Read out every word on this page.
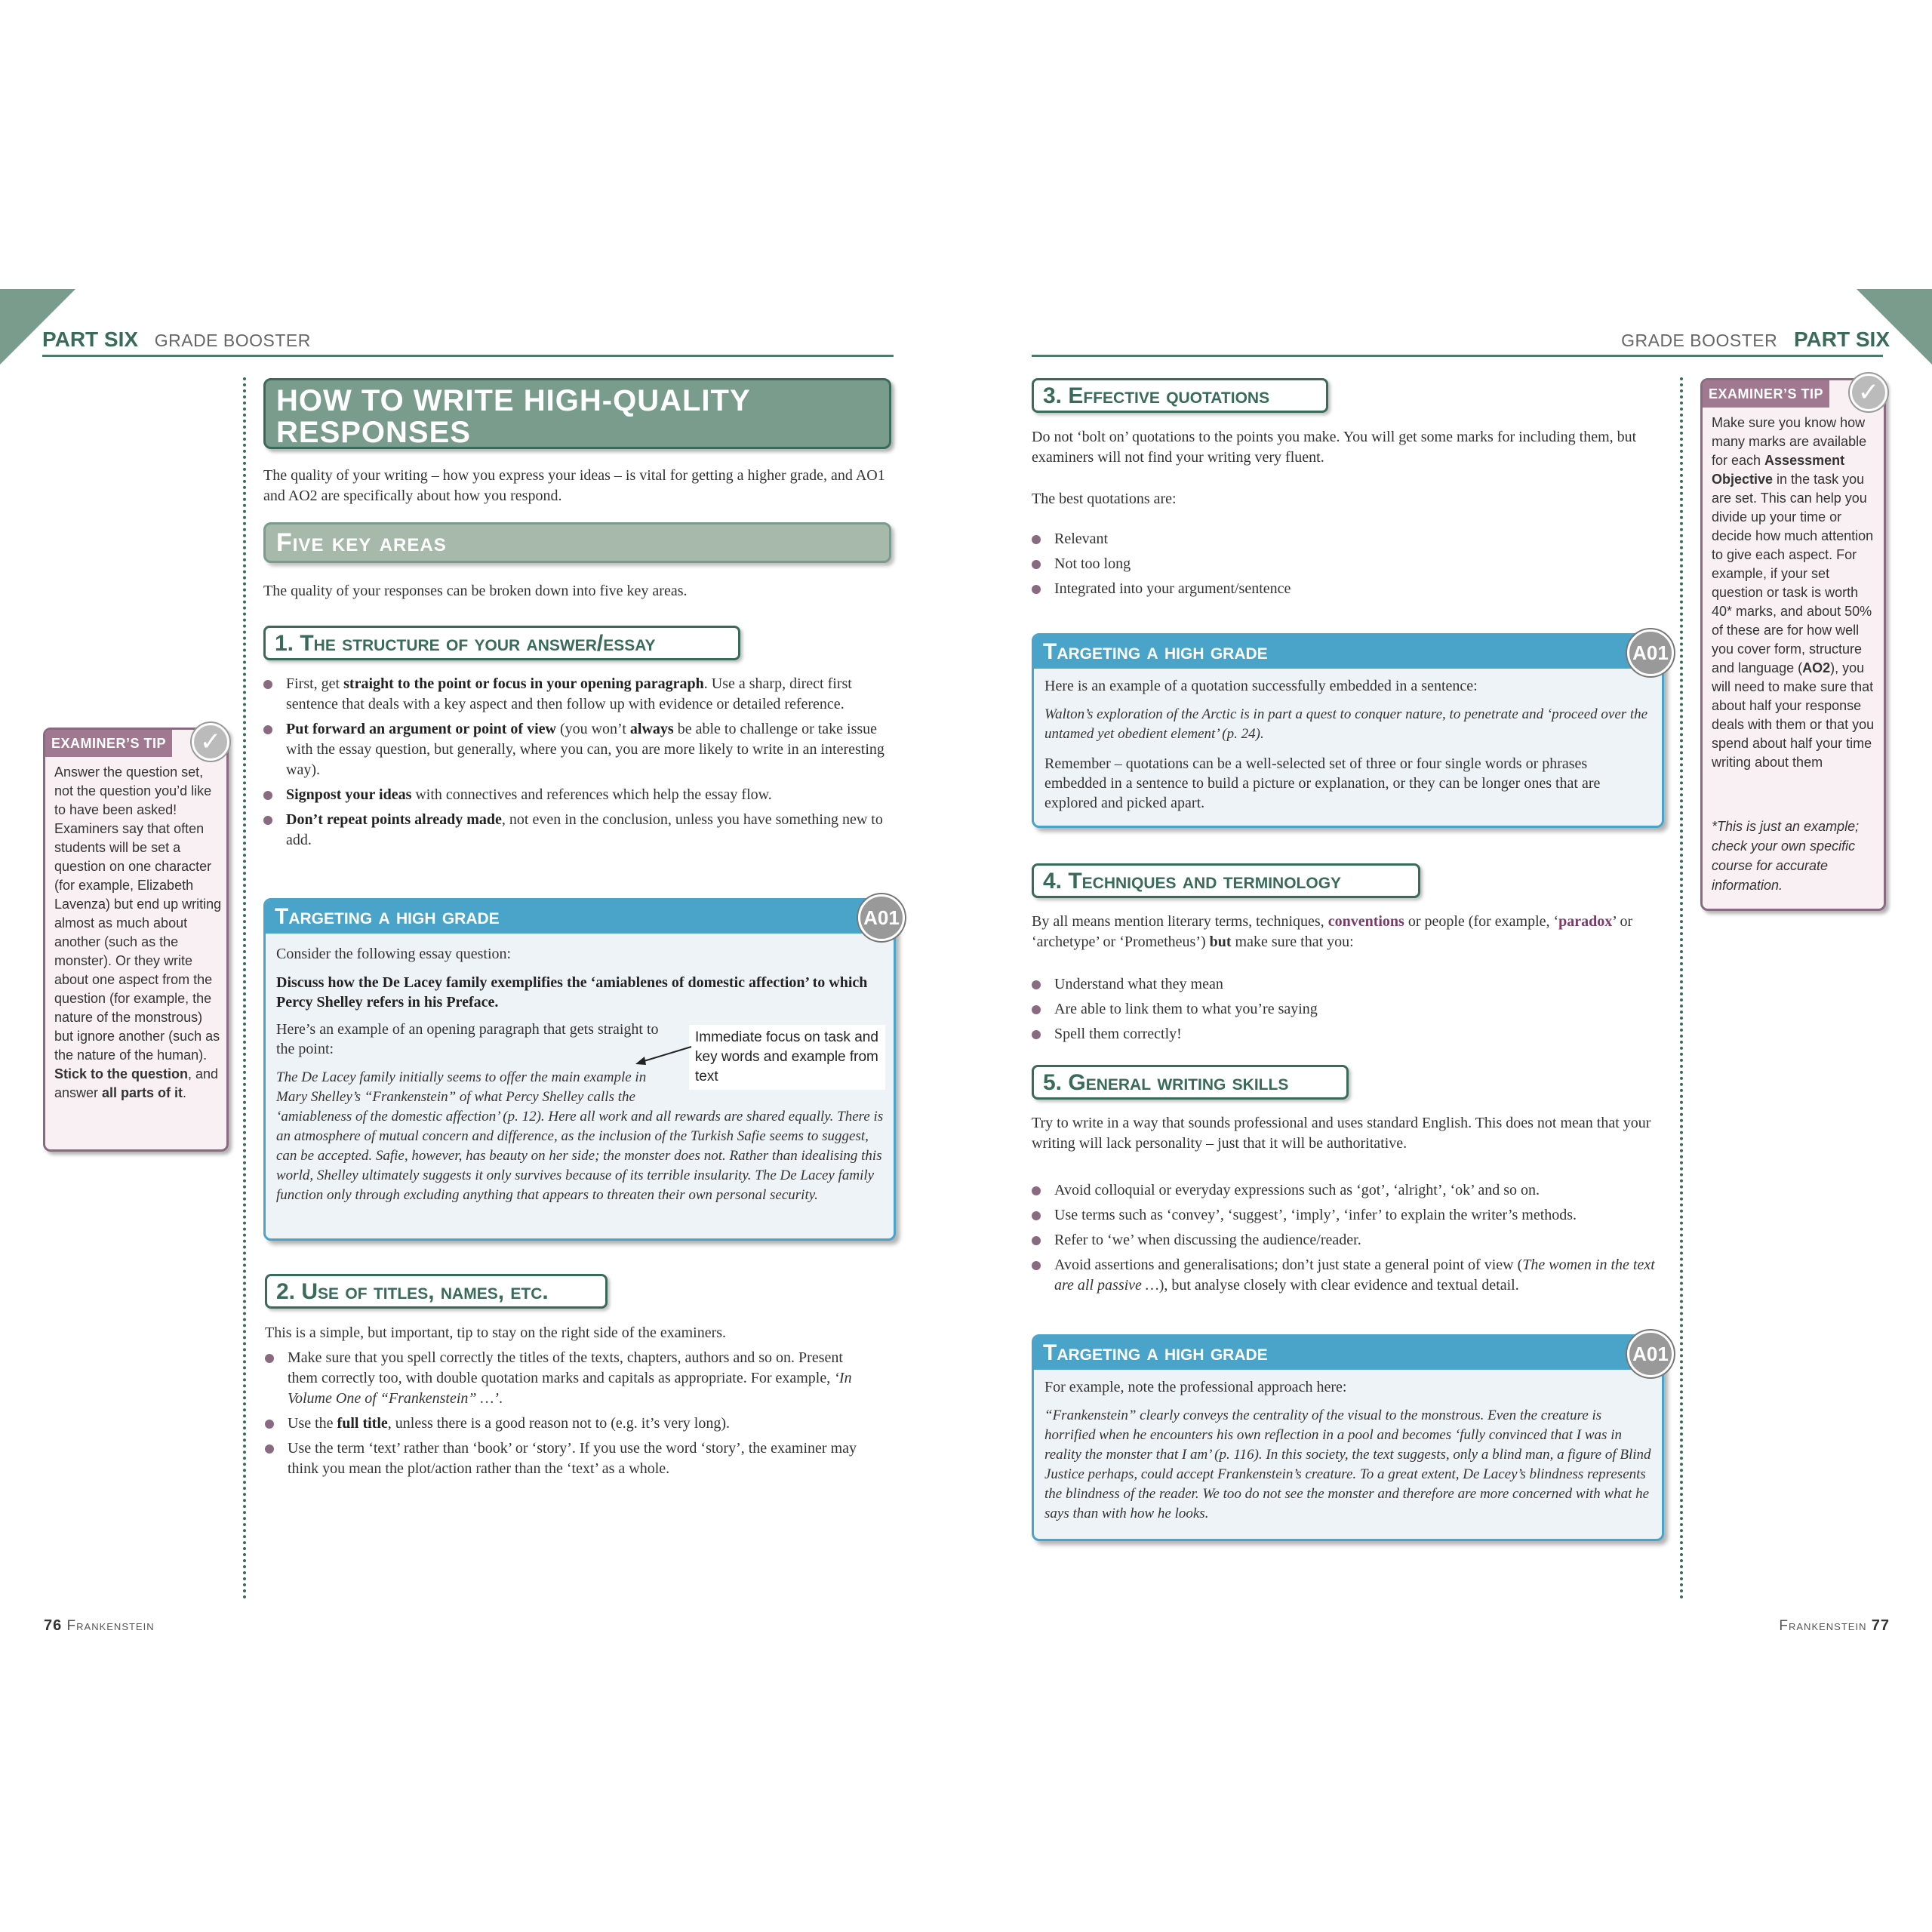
PART SIX GRADE BOOSTER	GRADE BOOSTER PART SIX
HOW TO WRITE HIGH-QUALITY RESPONSES
The quality of your writing – how you express your ideas – is vital for getting a higher grade, and AO1 and AO2 are specifically about how you respond.
Five key areas
The quality of your responses can be broken down into five key areas.
1. The structure of your answer/essay
First, get straight to the point or focus in your opening paragraph. Use a sharp, direct first sentence that deals with a key aspect and then follow up with evidence or detailed reference.
Put forward an argument or point of view (you won’t always be able to challenge or take issue with the essay question, but generally, where you can, you are more likely to write in an interesting way).
Signpost your ideas with connectives and references which help the essay flow.
Don’t repeat points already made, not even in the conclusion, unless you have something new to add.
Targeting a high grade
Consider the following essay question:
Discuss how the De Lacey family exemplifies the ‘amiablenes of domestic affection’ to which Percy Shelley refers in his Preface.
Here’s an example of an opening paragraph that gets straight to the point:
The De Lacey family initially seems to offer the main example in
Mary Shelley’s “Frankenstein” of what Percy Shelley calls the
‘amiableness of the domestic affection’ (p. 12). Here all work and all rewards are shared equally. There is an atmosphere of mutual concern and difference, as the inclusion of the Turkish Safie seems to suggest, can be accepted. Safie, however, has beauty on her side; the monster does not. Rather than idealising this world, Shelley ultimately suggests it only survives because of its terrible insularity. The De Lacey family function only through excluding anything that appears to threaten their own personal security.
A01
Immediate focus on task and key words and example from text
2. Use of titles, names, etc.
This is a simple, but important, tip to stay on the right side of the examiners.
Make sure that you spell correctly the titles of the texts, chapters, authors and so on. Present them correctly too, with double quotation marks and capitals as appropriate. For example, ‘In Volume One of “Frankenstein” …’.
Use the full title, unless there is a good reason not to (e.g. it’s very long).
Use the term ‘text’ rather than ‘book’ or ‘story’. If you use the word ‘story’, the examiner may think you mean the plot/action rather than the ‘text’ as a whole.
EXAMINER’S TIP
Answer the question set, not the question you’d like to have been asked! Examiners say that often students will be set a question on one character (for example, Elizabeth Lavenza) but end up writing almost as much about another (such as the monster). Or they write about one aspect from the question (for example, the nature of the monstrous) but ignore another (such as the nature of the human). Stick to the question, and answer all parts of it.
✓
76 Frankenstein
3. Effective quotations
Do not ‘bolt on’ quotations to the points you make. You will get some marks for including them, but examiners will not find your writing very fluent.
The best quotations are:
Relevant
Not too long
Integrated into your argument/sentence
Targeting a high grade
Here is an example of a quotation successfully embedded in a sentence:
Walton’s exploration of the Arctic is in part a quest to conquer nature, to penetrate and ‘proceed over the untamed yet obedient element’ (p. 24).
Remember – quotations can be a well-selected set of three or four single words or phrases embedded in a sentence to build a picture or explanation, or they can be longer ones that are explored and picked apart.
A01
4. Techniques and terminology
By all means mention literary terms, techniques, conventions or people (for example, ‘paradox’ or ‘archetype’ or ‘Prometheus’) but make sure that you:
Understand what they mean
Are able to link them to what you’re saying
Spell them correctly!
5. General writing skills
Try to write in a way that sounds professional and uses standard English. This does not mean that your writing will lack personality – just that it will be authoritative.
Avoid colloquial or everyday expressions such as ‘got’, ‘alright’, ‘ok’ and so on.
Use terms such as ‘convey’, ‘suggest’, ‘imply’, ‘infer’ to explain the writer’s methods.
Refer to ‘we’ when discussing the audience/reader.
Avoid assertions and generalisations; don’t just state a general point of view (The women in the text are all passive …), but analyse closely with clear evidence and textual detail.
Targeting a high grade
For example, note the professional approach here:
“Frankenstein” clearly conveys the centrality of the visual to the monstrous. Even the creature is horrified when he encounters his own reflection in a pool and becomes ‘fully convinced that I was in reality the monster that I am’ (p. 116). In this society, the text suggests, only a blind man, a figure of Blind Justice perhaps, could accept Frankenstein’s creature. To a great extent, De Lacey’s blindness represents the blindness of the reader. We too do not see the monster and therefore are more concerned with what he says than with how he looks.
A01
EXAMINER’S TIP
Make sure you know how many marks are available for each Assessment Objective in the task you are set. This can help you divide up your time or decide how much attention to give each aspect. For example, if your set question or task is worth 40* marks, and about 50% of these are for how well you cover form, structure and language (AO2), you will need to make sure that about half your response deals with them or that you spend about half your time writing about them
*This is just an example; check your own specific course for accurate information.
✓
Frankenstein 77
